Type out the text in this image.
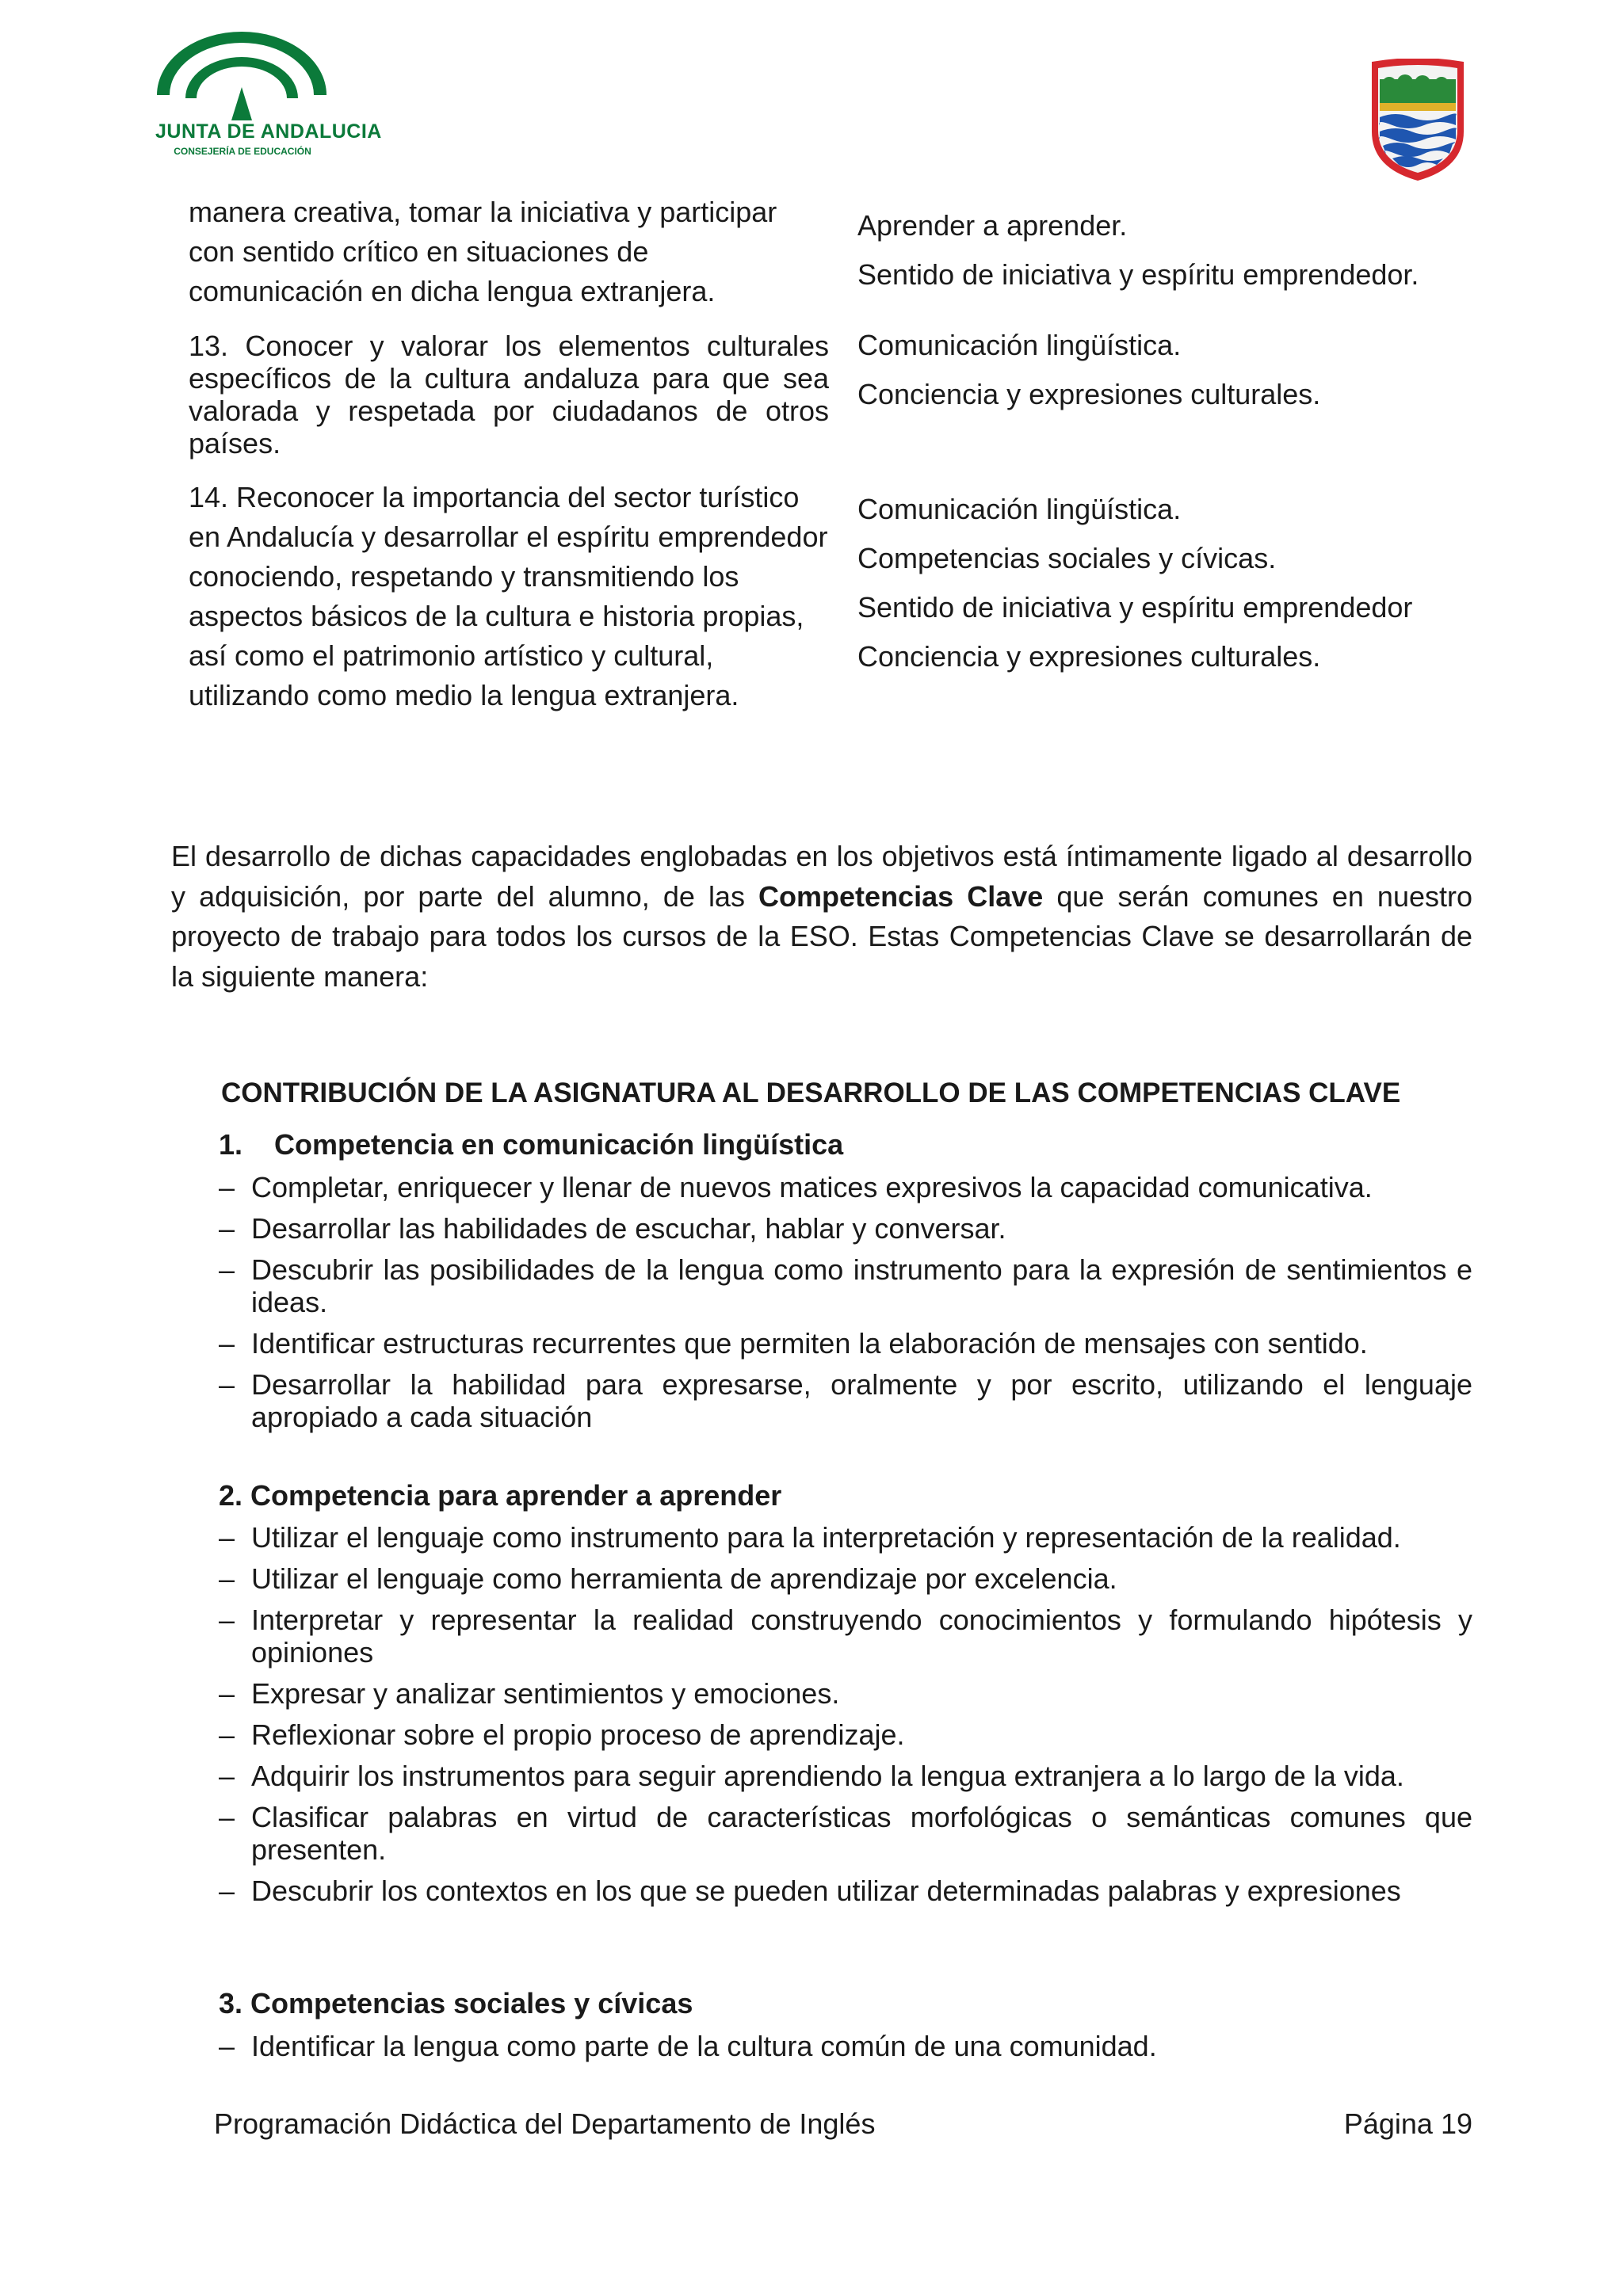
JUNTA DE ANDALUCIA
CONSEJERÍA DE EDUCACIÓN
manera creativa, tomar la iniciativa y participar con sentido crítico en situaciones de comunicación en dicha lengua extranjera.
Aprender a aprender.
Sentido de iniciativa y espíritu emprendedor.
13. Conocer y valorar los elementos culturales específicos de la cultura andaluza para que sea valorada y respetada por ciudadanos de otros países.
Comunicación lingüística.
Conciencia y expresiones culturales.
14. Reconocer la importancia del sector turístico en Andalucía y desarrollar el espíritu emprendedor conociendo, respetando y transmitiendo los aspectos básicos de la cultura e historia propias, así como el patrimonio artístico y cultural, utilizando como medio la lengua extranjera.
Comunicación lingüística.
Competencias sociales y cívicas.
Sentido de iniciativa y espíritu emprendedor
Conciencia y expresiones culturales.

El desarrollo de dichas capacidades englobadas en los objetivos está íntimamente ligado al desarrollo y adquisición, por parte del alumno, de las Competencias Clave que serán comunes en nuestro proyecto de trabajo para todos los cursos de la ESO. Estas Competencias Clave se desarrollarán de la siguiente manera:

CONTRIBUCIÓN DE LA ASIGNATURA AL DESARROLLO DE LAS COMPETENCIAS CLAVE
1. Competencia en comunicación lingüística
– Completar, enriquecer y llenar de nuevos matices expresivos la capacidad comunicativa.
– Desarrollar las habilidades de escuchar, hablar y conversar.
– Descubrir las posibilidades de la lengua como instrumento para la expresión de sentimientos e ideas.
– Identificar estructuras recurrentes que permiten la elaboración de mensajes con sentido.
– Desarrollar la habilidad para expresarse, oralmente y por escrito, utilizando el lenguaje apropiado a cada situación
2. Competencia para aprender a aprender
– Utilizar el lenguaje como instrumento para la interpretación y representación de la realidad.
– Utilizar el lenguaje como herramienta de aprendizaje por excelencia.
– Interpretar y representar la realidad construyendo conocimientos y formulando hipótesis y opiniones
– Expresar y analizar sentimientos y emociones.
– Reflexionar sobre el propio proceso de aprendizaje.
– Adquirir los instrumentos para seguir aprendiendo la lengua extranjera a lo largo de la vida.
– Clasificar palabras en virtud de características morfológicas o semánticas comunes que presenten.
– Descubrir los contextos en los que se pueden utilizar determinadas palabras y expresiones
3. Competencias sociales y cívicas
– Identificar la lengua como parte de la cultura común de una comunidad.
Programación Didáctica del Departamento de Inglés	Página 19
